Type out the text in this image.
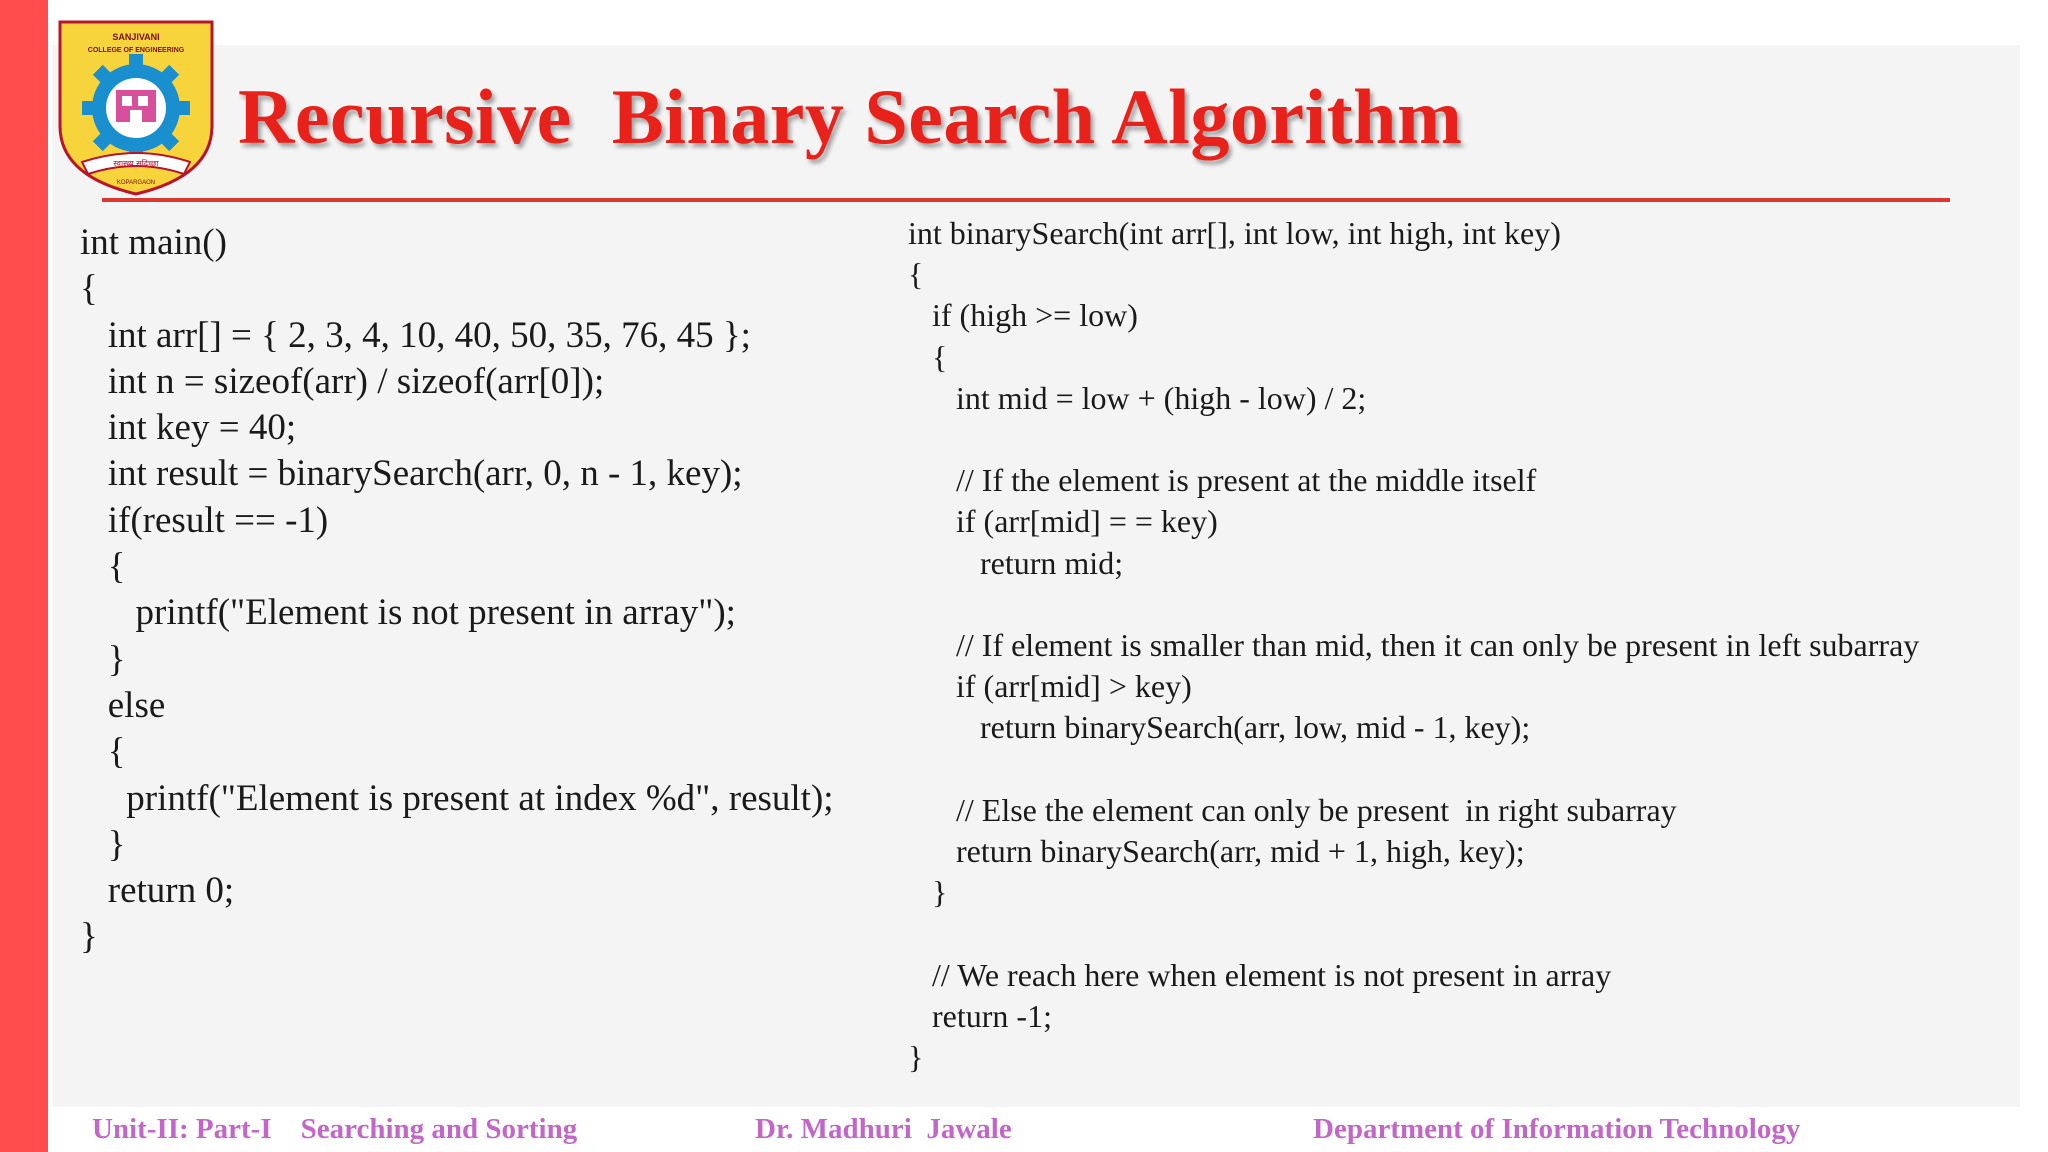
SANJIVANI
COLLEGE OF ENGINEERING
स्वास्थ्य सदिच्छा
KOPARGAON
Recursive  Binary Search Algorithm
int main()
{
int arr[] = { 2, 3, 4, 10, 40, 50, 35, 76, 45 };
int n = sizeof(arr) / sizeof(arr[0]);
int key = 40;
int result = binarySearch(arr, 0, n - 1, key);
if(result == -1)
{
printf("Element is not present in array");
}
else
{
printf("Element is present at index %d", result);
}
return 0;
}
int binarySearch(int arr[], int low, int high, int key)
{
if (high >= low)
{
int mid = low + (high - low) / 2;

// If the element is present at the middle itself
if (arr[mid] = = key)
return mid;

// If element is smaller than mid, then it can only be present in left subarray
if (arr[mid] > key)
return binarySearch(arr, low, mid - 1, key);

// Else the element can only be present  in right subarray
return binarySearch(arr, mid + 1, high, key);
}

// We reach here when element is not present in array
return -1;
}

Unit-II: Part-I    Searching and Sorting	Dr. Madhuri  Jawale	Department of Information Technology
